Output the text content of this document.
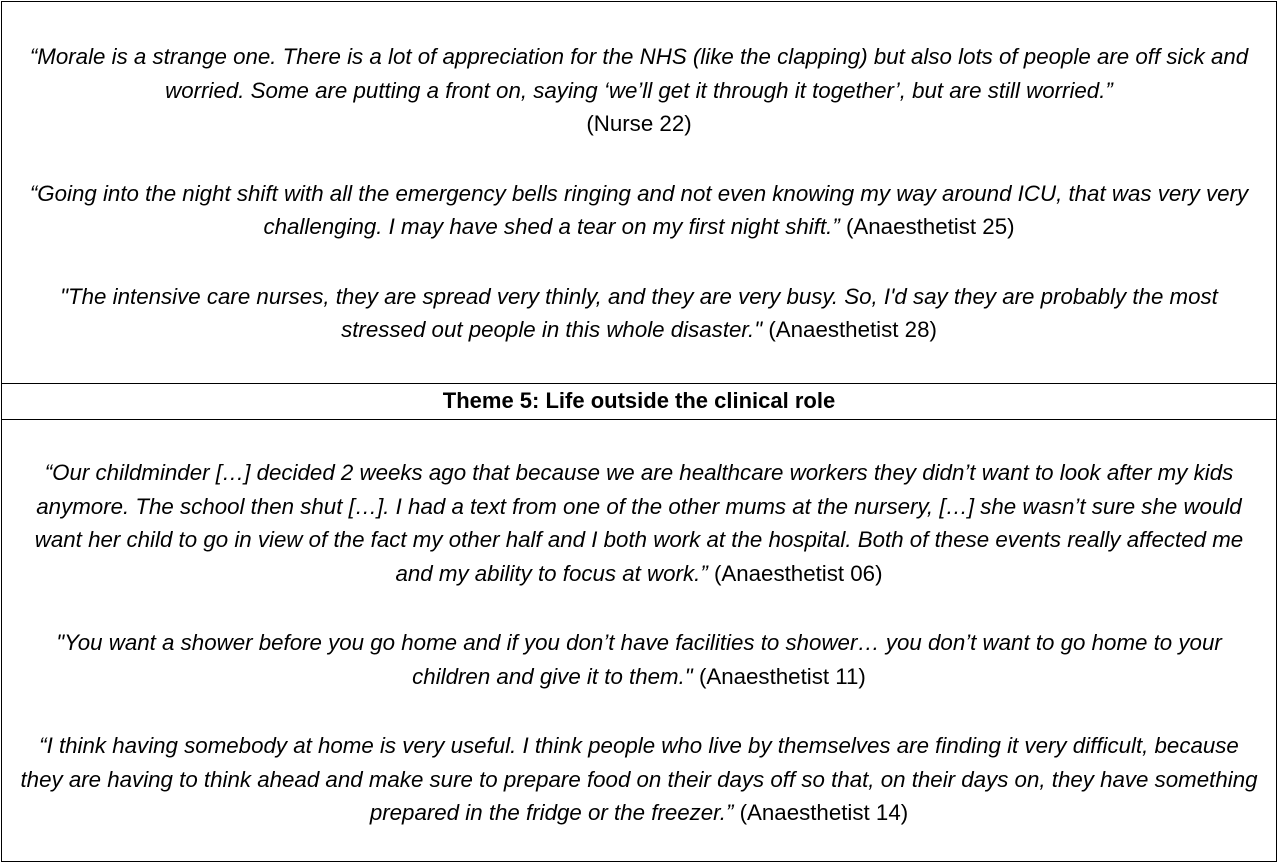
“Morale is a strange one. There is a lot of appreciation for the NHS (like the clapping) but also lots of people are off sick and worried. Some are putting a front on, saying ‘we’ll get it through it together’, but are still worried.”
(Nurse 22)

“Going into the night shift with all the emergency bells ringing and not even knowing my way around ICU, that was very very challenging. I may have shed a tear on my first night shift.” (Anaesthetist 25)

"The intensive care nurses, they are spread very thinly, and they are very busy. So, I'd say they are probably the most stressed out people in this whole disaster." (Anaesthetist 28)

Theme 5: Life outside the clinical role

“Our childminder […] decided 2 weeks ago that because we are healthcare workers they didn’t want to look after my kids anymore. The school then shut […]. I had a text from one of the other mums at the nursery, […] she wasn’t sure she would want her child to go in view of the fact my other half and I both work at the hospital. Both of these events really affected me and my ability to focus at work.” (Anaesthetist 06)

"You want a shower before you go home and if you don’t have facilities to shower… you don’t want to go home to your children and give it to them." (Anaesthetist 11)

“I think having somebody at home is very useful. I think people who live by themselves are finding it very difficult, because they are having to think ahead and make sure to prepare food on their days off so that, on their days on, they have something prepared in the fridge or the freezer.” (Anaesthetist 14)
